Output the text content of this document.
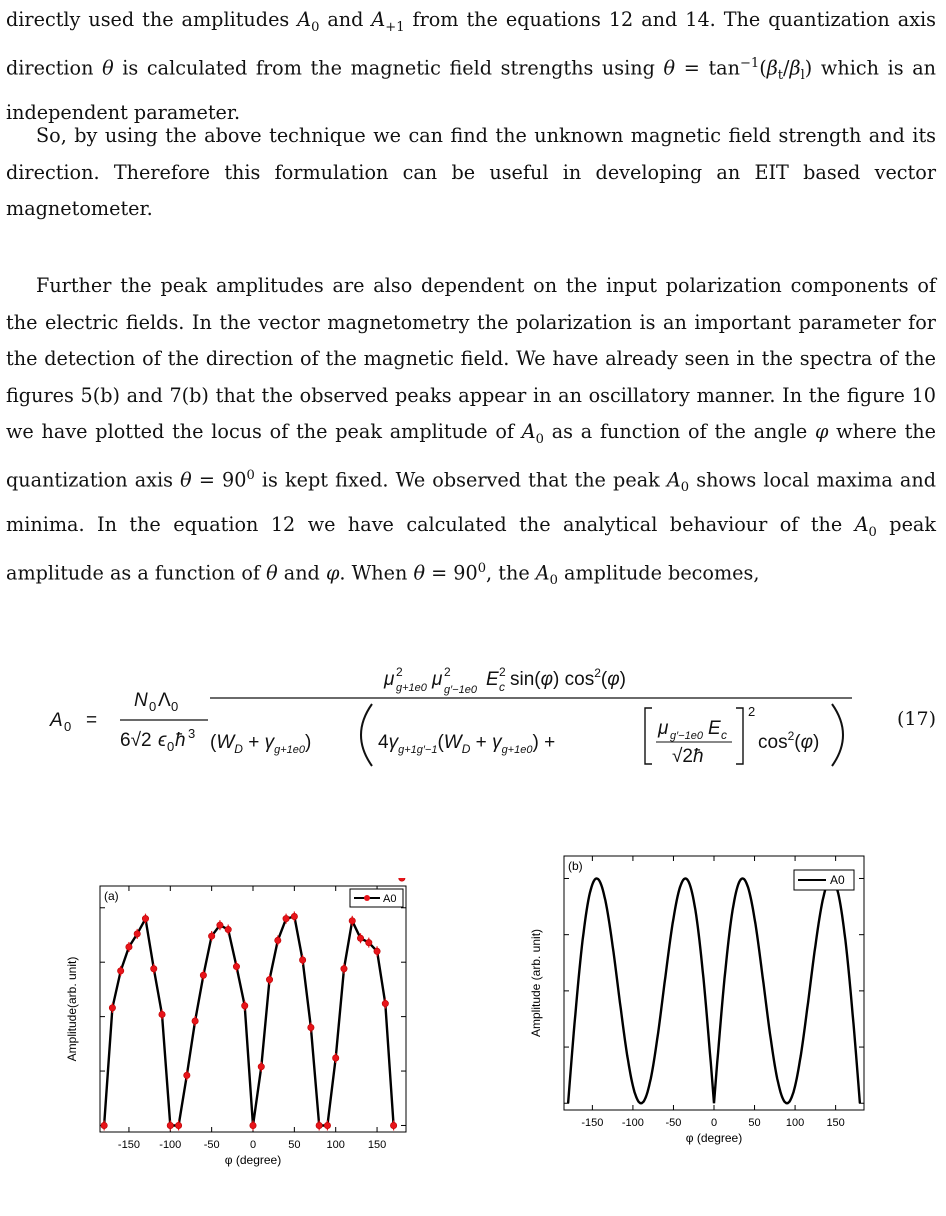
directly used the amplitudes $A_0$ and $A_{+1}$ from the equations 12 and 14. The quantization axis direction θ is calculated from the magnetic field strengths using $\theta = \tan^{-1}(\beta_t/\beta_l)$ which is an independent parameter.

So, by using the above technique we can find the unknown magnetic field strength and its direction. Therefore this formulation can be useful in developing an EIT based vector magnetometer.

Further the peak amplitudes are also dependent on the input polarization components of the electric fields. In the vector magnetometry the polarization is an important parameter for the detection of the direction of the magnetic field. We have already seen in the spectra of the figures 5(b) and 7(b) that the observed peaks appear in an oscillatory manner. In the figure 10 we have plotted the locus of the peak amplitude of $A_0$ as a function of the angle φ where the quantization axis $\theta = 90^0$ is kept fixed. We observed that the peak $A_0$ shows local maxima and minima. In the equation 12 we have calculated the analytical behaviour of the $A_0$ peak amplitude as a function of θ and φ. When $\theta = 90^0$, the $A_0$ amplitude becomes,

A 0 =
N 0 Λ 0
6√2 ϵ 0 ħ 3
μ 2
g+1e0 μ 2
g′−1e0 E 2
c sin(φ) $\cos^2(\varphi)$
$(W_D + \gamma_{g+1e0})$	$4\gamma_{g+1g'-1}(W_D + \gamma_{g+1e0})$ +
μ g′−1e0 E c
√2ħ
2
$\cos^2(\varphi)$
(17)
-150 -100 -50	0	50 100 150
φ (degree)
Amplitude(arb. unit)
(a)	A0
-150 -100 -50	0	50 100 150
φ (degree)
Amplitude (arb. unit)
(b)
A0
